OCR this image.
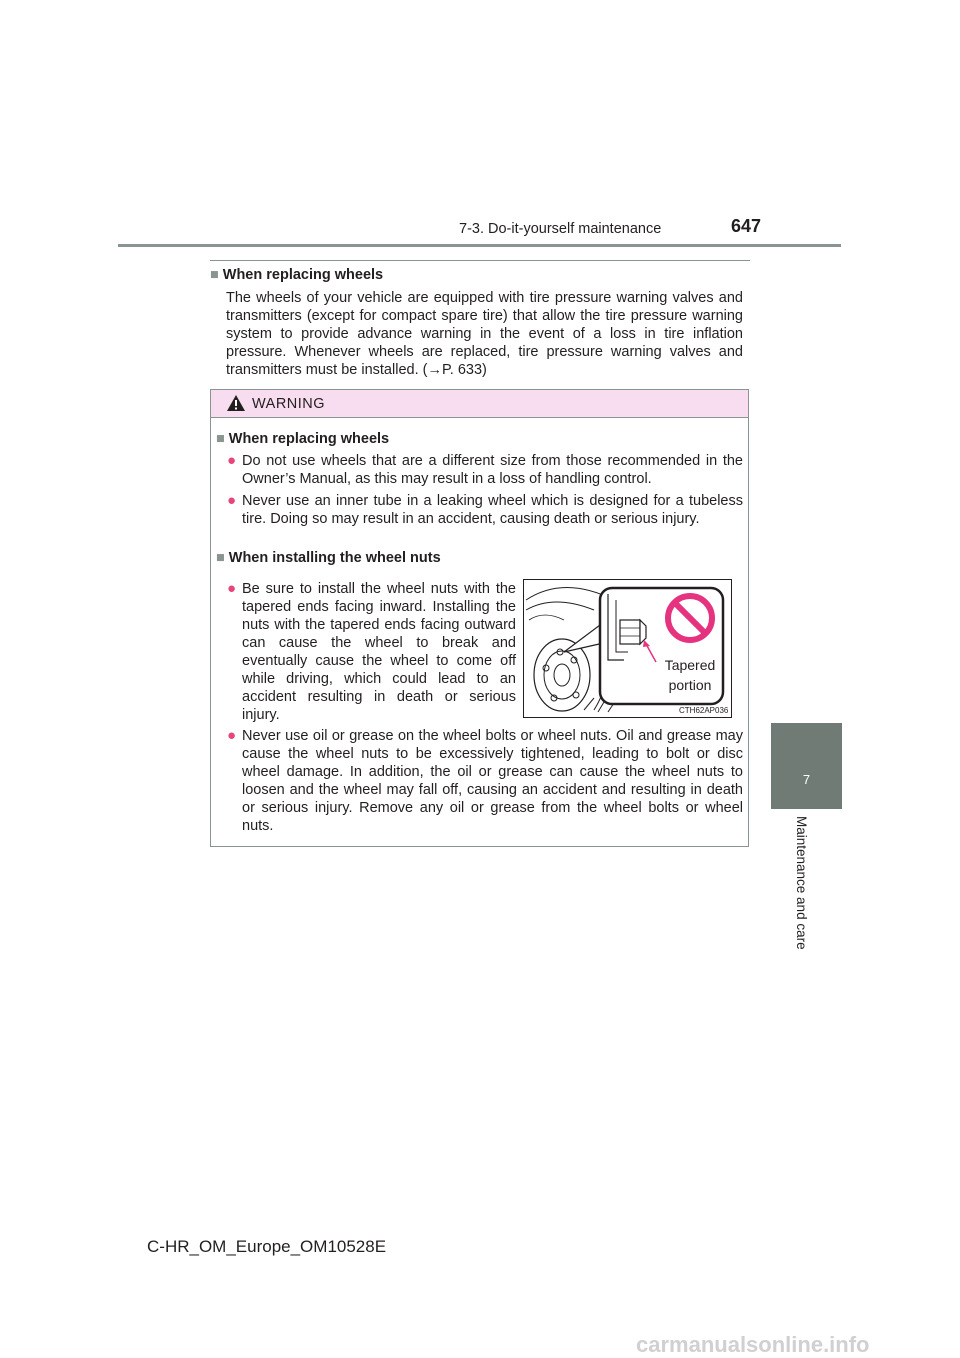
7-3. Do-it-yourself maintenance	647
7
Maintenance and care
■ When replacing wheels

The wheels of your vehicle are equipped with tire pressure warning valves and transmitters (except for compact spare tire) that allow the tire pressure warning system to provide advance warning in the event of a loss in tire inflation pressure. Whenever wheels are replaced, tire pressure warning valves and transmitters must be installed. (→P. 633)

WARNING
■ When replacing wheels
● Do not use wheels that are a different size from those recommended in the Owner’s Manual, as this may result in a loss of handling control.

● Never use an inner tube in a leaking wheel which is designed for a tubeless tire. Doing so may result in an accident, causing death or serious injury.

■ When installing the wheel nuts
● Be sure to install the wheel nuts with the tapered ends facing inward. Installing the nuts with the tapered ends facing outward can cause the wheel to break and eventually cause the wheel to come off while driving, which could lead to an accident resulting in death or serious injury.

Tapered
portion
CTH62AP036
● Never use oil or grease on the wheel bolts or wheel nuts. Oil and grease may cause the wheel nuts to be excessively tightened, leading to bolt or disc wheel damage. In addition, the oil or grease can cause the wheel nuts to loosen and the wheel may fall off, causing an accident and resulting in death or serious injury. Remove any oil or grease from the wheel bolts or wheel nuts.

C-HR_OM_Europe_OM10528E
carmanualsonline.info
